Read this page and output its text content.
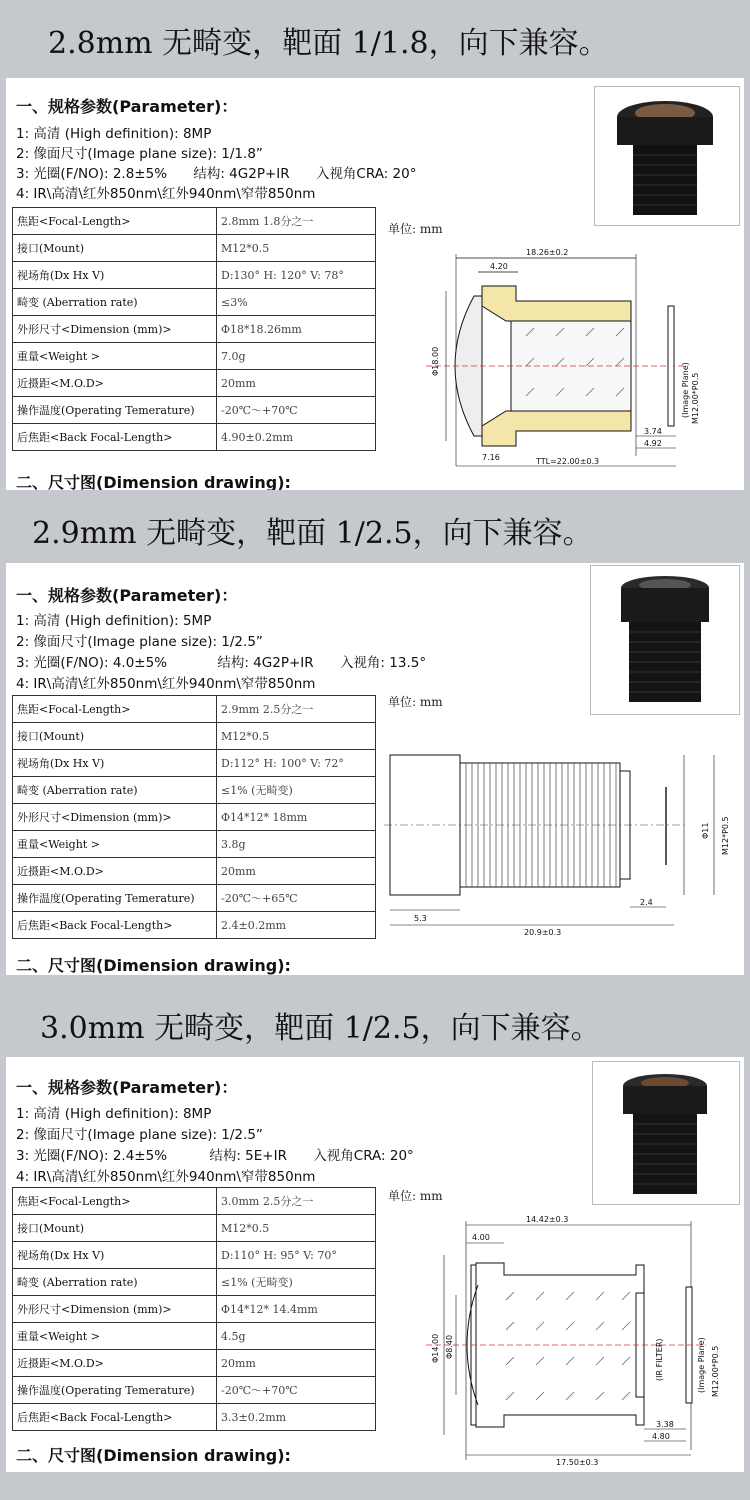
2.8mm 无畸变，靶面 1/1.8，向下兼容。
一、规格参数(Parameter)：
1: 高清 (High definition): 8MP
2: 像面尺寸(Image plane size): 1/1.8”
3: 光圈(F/NO): 2.8±5% 结构: 4G2P+IR 入视角CRA: 20°
4: IR\高清\红外850nm\红外940nm\窄带850nm
焦距<Focal-Length>	2.8mm 1.8分之一
接口(Mount)	M12*0.5
视场角(Dx Hx V)	D:130° H: 120° V: 78°
畸变 (Aberration rate)	≤3%
外形尺寸<Dimension (mm)>	Φ18*18.26mm
重量<Weight >	7.0g
近摄距<M.O.D>	20mm
操作温度(Operating Temerature)	-20℃～+70℃
后焦距<Back Focal-Length>	4.90±0.2mm
单位: mm
18.26±0.2
4.20
Φ18.00
(Image Plane) M12.00*P0.5
3.74
4.92
7.16	TTL=22.00±0.3
二、尺寸图(Dimension drawing):
2.9mm 无畸变，靶面 1/2.5，向下兼容。
一、规格参数(Parameter)：
1: 高清 (High definition): 5MP
2: 像面尺寸(Image plane size): 1/2.5”
3: 光圈(F/NO): 4.0±5%	结构: 4G2P+IR 入视角: 13.5°
4: IR\高清\红外850nm\红外940nm\窄带850nm
焦距<Focal-Length>	2.9mm 2.5分之一
接口(Mount)	M12*0.5
视场角(Dx Hx V)	D:112° H: 100° V: 72°
畸变 (Aberration rate)	≤1% (无畸变)
外形尺寸<Dimension (mm)>	Φ14*12* 18mm
重量<Weight >	3.8g
近摄距<M.O.D>	20mm
操作温度(Operating Temerature)	-20℃～+65℃
后焦距<Back Focal-Length>	2.4±0.2mm
单位: mm
5.3
2.4
20.9±0.3
Φ11 M12*P0.5
二、尺寸图(Dimension drawing):
3.0mm 无畸变，靶面 1/2.5，向下兼容。
一、规格参数(Parameter)：
1: 高清 (High definition): 8MP
2: 像面尺寸(Image plane size): 1/2.5”
3: 光圈(F/NO): 2.4±5%	结构: 5E+IR 入视角CRA: 20°
4: IR\高清\红外850nm\红外940nm\窄带850nm
焦距<Focal-Length>	3.0mm 2.5分之一
接口(Mount)	M12*0.5
视场角(Dx Hx V)	D:110° H: 95° V: 70°
畸变 (Aberration rate)	≤1% (无畸变)
外形尺寸<Dimension (mm)>	Φ14*12* 14.4mm
重量<Weight >	4.5g
近摄距<M.O.D>	20mm
操作温度(Operating Temerature)	-20℃～+70℃
后焦距<Back Focal-Length>	3.3±0.2mm
单位: mm
14.42±0.3
4.00
Φ14.00 Φ8.40	(IR FILTER)	(Image Plane) M12.00*P0.5
3.38
4.80
17.50±0.3
二、尺寸图(Dimension drawing):
